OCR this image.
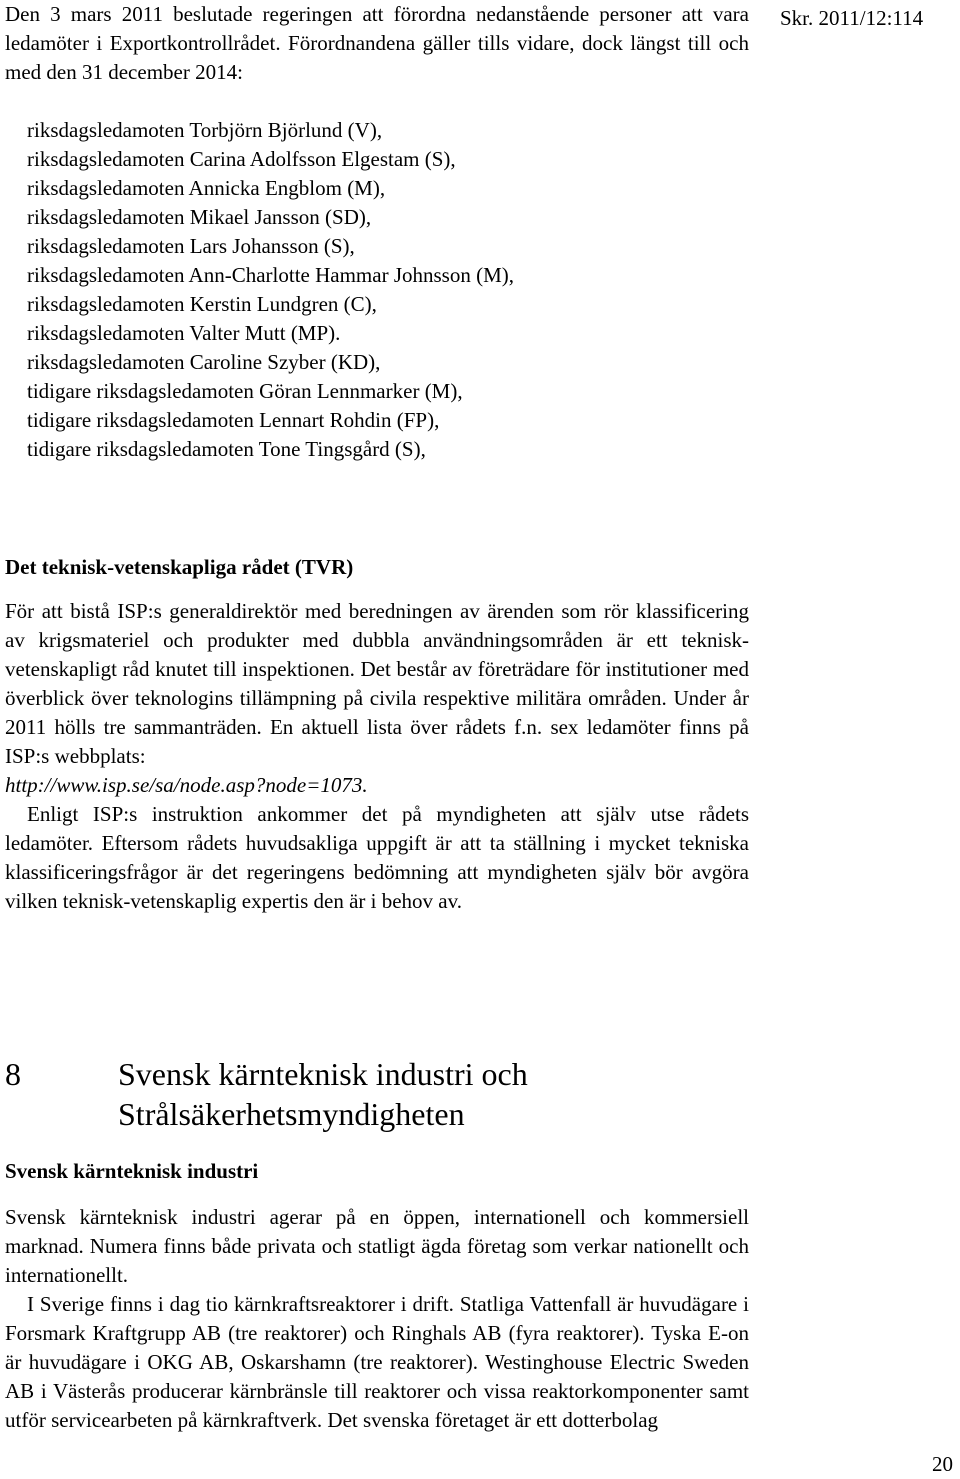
Skr. 2011/12:114

Den 3 mars 2011 beslutade regeringen att förordna nedanstående personer att vara ledamöter i Exportkontrollrådet. Förordnandena gäller tills vidare, dock längst till och med den 31 december 2014:

riksdagsledamoten Torbjörn Björlund (V),
riksdagsledamoten Carina Adolfsson Elgestam (S),
riksdagsledamoten Annicka Engblom (M),
riksdagsledamoten Mikael Jansson (SD),
riksdagsledamoten Lars Johansson (S),
riksdagsledamoten Ann-Charlotte Hammar Johnsson (M),
riksdagsledamoten Kerstin Lundgren (C),
riksdagsledamoten Valter Mutt (MP).
riksdagsledamoten Caroline Szyber (KD),
tidigare riksdagsledamoten Göran Lennmarker (M),
tidigare riksdagsledamoten Lennart Rohdin (FP),
tidigare riksdagsledamoten Tone Tingsgård (S),

Det teknisk-vetenskapliga rådet (TVR)

För att bistå ISP:s generaldirektör med beredningen av ärenden som rör klassificering av krigsmateriel och produkter med dubbla användningsområden är ett teknisk-vetenskapligt råd knutet till inspektionen. Det består av företrädare för institutioner med överblick över teknologins tillämpning på civila respektive militära områden. Under år 2011 hölls tre sammanträden. En aktuell lista över rådets f.n. sex ledamöter finns på ISP:s webbplats:

http://www.isp.se/sa/node.asp?node=1073.

Enligt ISP:s instruktion ankommer det på myndigheten att själv utse rådets ledamöter. Eftersom rådets huvudsakliga uppgift är att ta ställning i mycket tekniska klassificeringsfrågor är det regeringens bedömning att myndigheten själv bör avgöra vilken teknisk-vetenskaplig expertis den är i behov av.

8	Svensk kärnteknisk industri och
Strålsäkerhetsmyndigheten

Svensk kärnteknisk industri

Svensk kärnteknisk industri agerar på en öppen, internationell och kommersiell marknad. Numera finns både privata och statligt ägda företag som verkar nationellt och internationellt.

I Sverige finns i dag tio kärnkraftsreaktorer i drift. Statliga Vattenfall är huvudägare i Forsmark Kraftgrupp AB (tre reaktorer) och Ringhals AB (fyra reaktorer). Tyska E-on är huvudägare i OKG AB, Oskarshamn (tre reaktorer). Westinghouse Electric Sweden AB i Västerås producerar kärnbränsle till reaktorer och vissa reaktorkomponenter samt utför servicearbeten på kärnkraftverk. Det svenska företaget är ett dotterbolag

20
